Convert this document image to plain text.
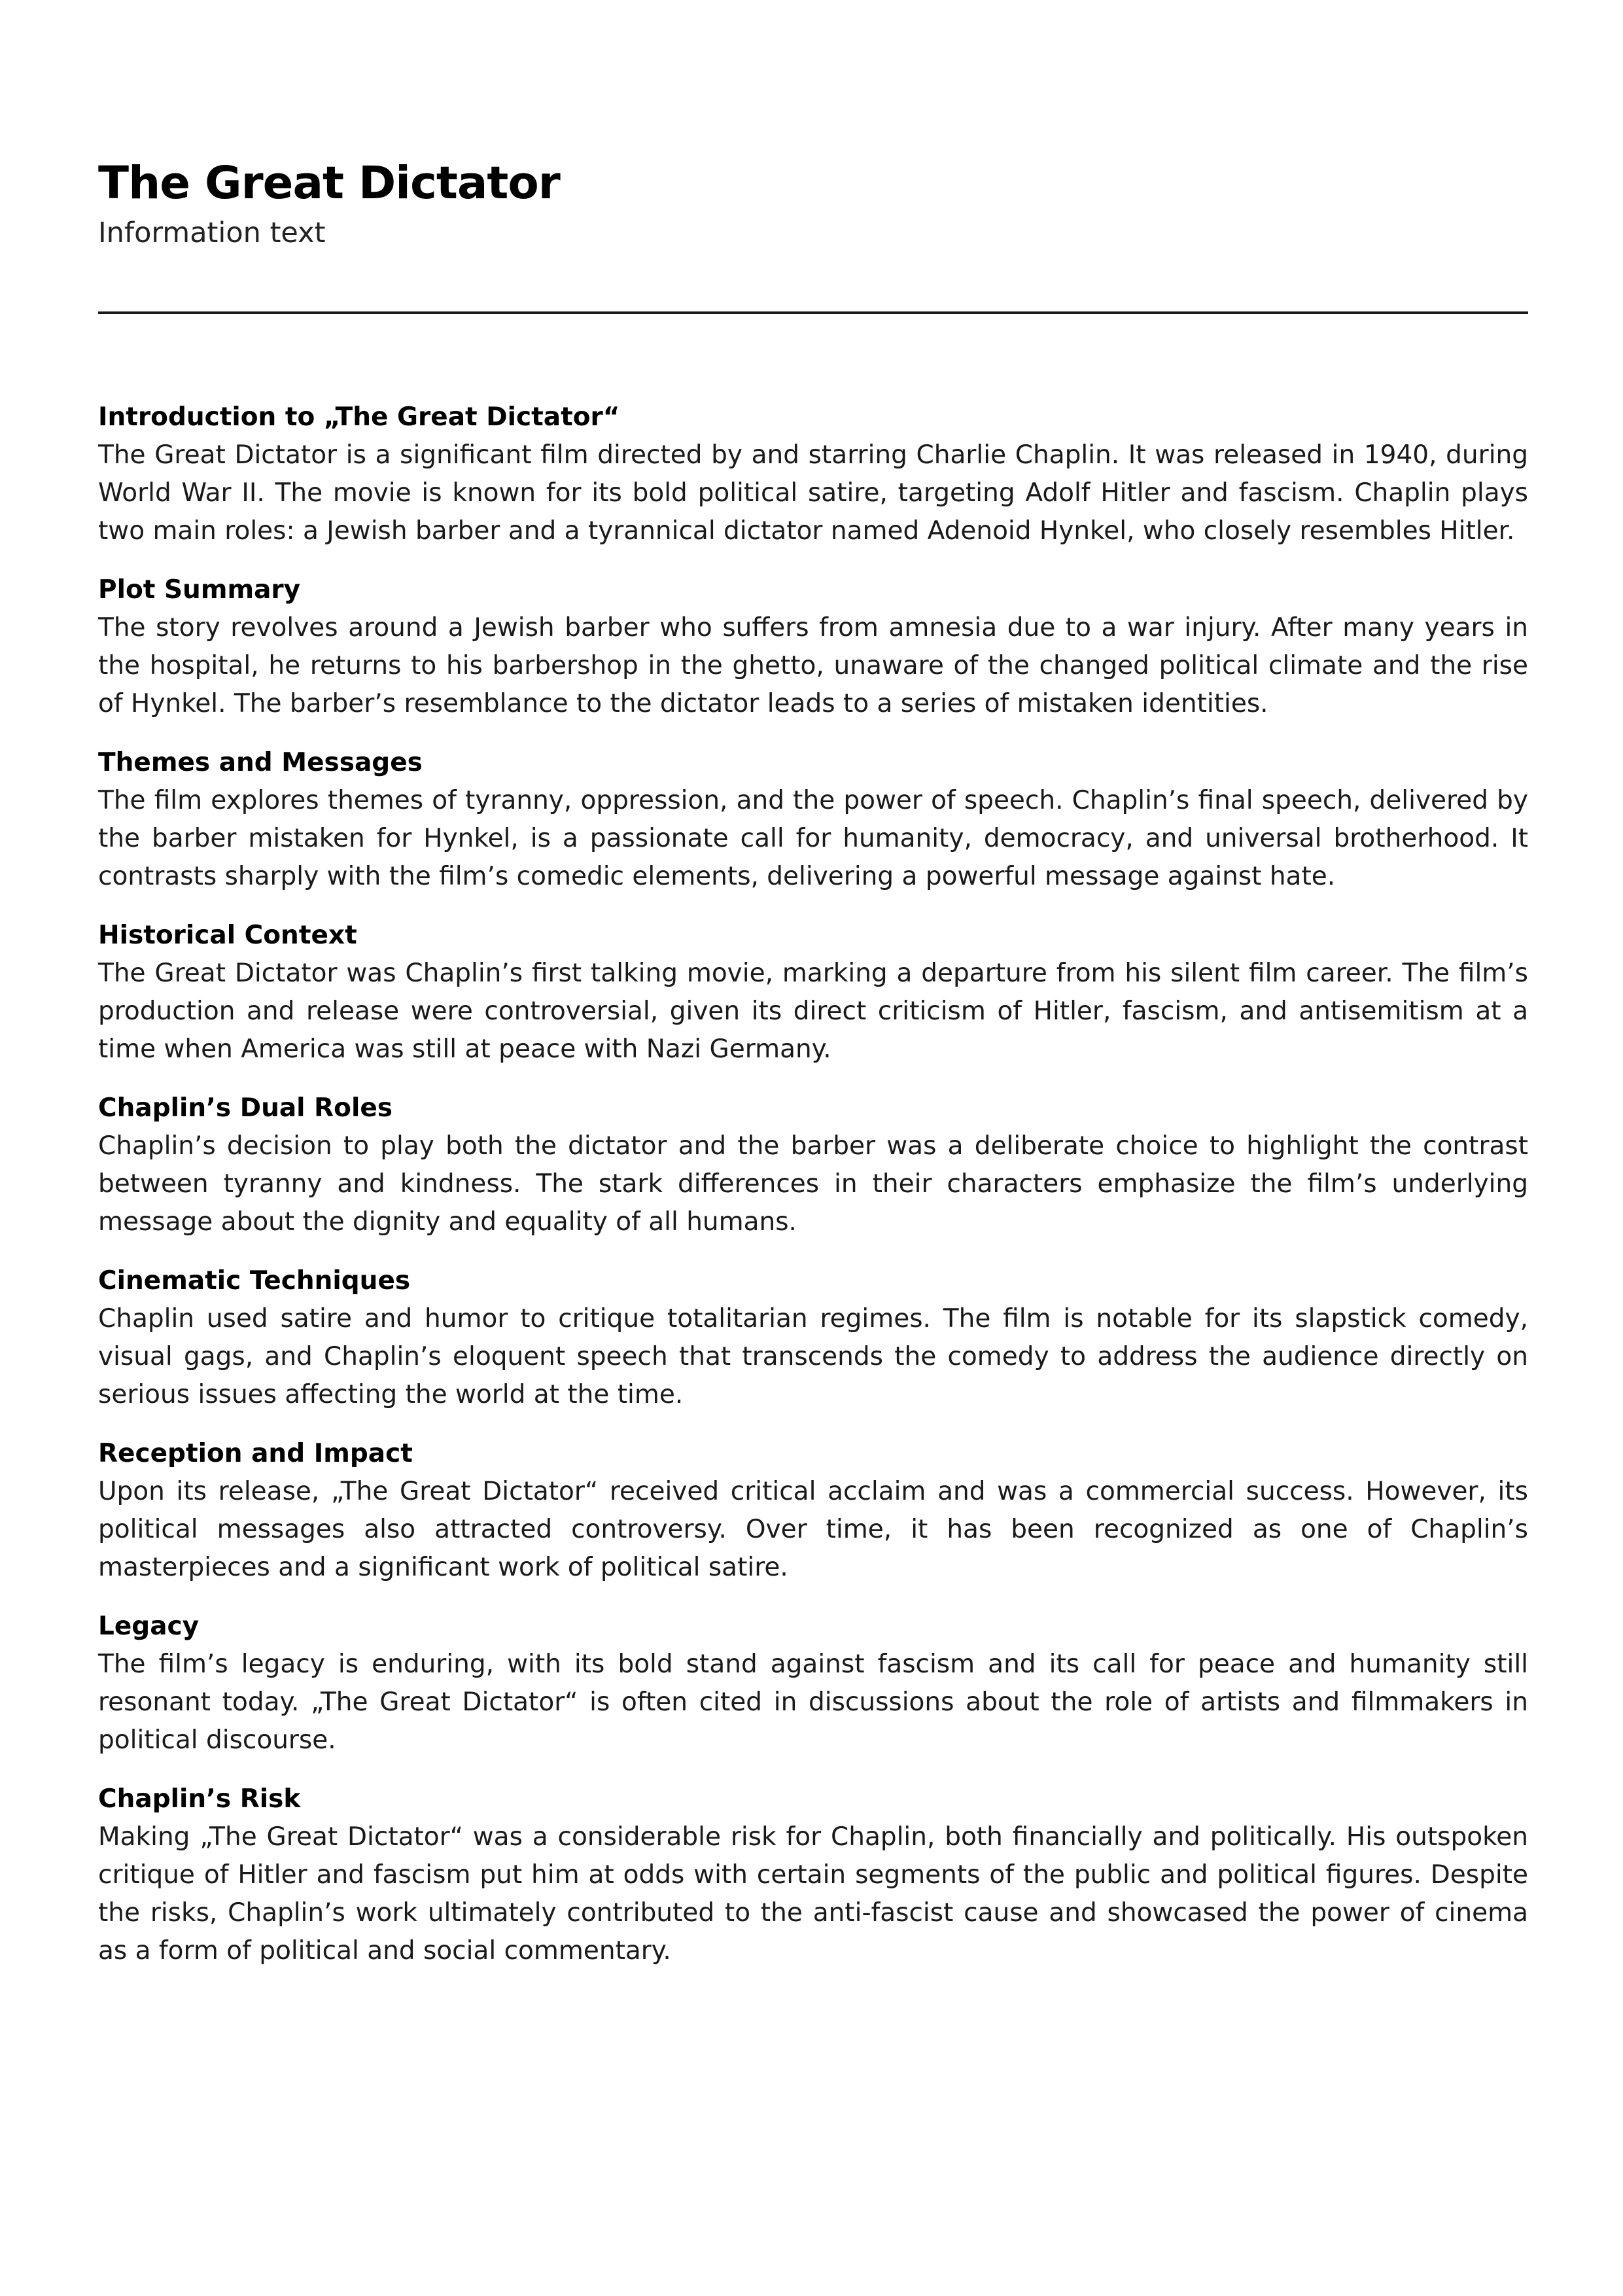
The Great Dictator
Information text
Introduction to „The Great Dictator“

The Great Dictator is a significant film directed by and starring Charlie Chaplin. It was released in 1940, during World War II. The movie is known for its bold political satire, targeting Adolf Hitler and fascism. Chaplin plays two main roles: a Jewish barber and a tyrannical dictator named Adenoid Hynkel, who closely resembles Hitler.

Plot Summary

The story revolves around a Jewish barber who suffers from amnesia due to a war injury. After many years in the hospital, he returns to his barbershop in the ghetto, unaware of the changed political climate and the rise of Hynkel. The barber’s resemblance to the dictator leads to a series of mistaken identities.

Themes and Messages

The film explores themes of tyranny, oppression, and the power of speech. Chaplin’s final speech, delivered by the barber mistaken for Hynkel, is a passionate call for humanity, democracy, and universal brotherhood. It contrasts sharply with the film’s comedic elements, delivering a powerful message against hate.

Historical Context

The Great Dictator was Chaplin’s first talking movie, marking a departure from his silent film career. The film’s production and release were controversial, given its direct criticism of Hitler, fascism, and antisemitism at a time when America was still at peace with Nazi Germany.

Chaplin’s Dual Roles

Chaplin’s decision to play both the dictator and the barber was a deliberate choice to highlight the contrast between tyranny and kindness. The stark differences in their characters emphasize the film’s underlying message about the dignity and equality of all humans.

Cinematic Techniques

Chaplin used satire and humor to critique totalitarian regimes. The film is notable for its slapstick comedy, visual gags, and Chaplin’s eloquent speech that transcends the comedy to address the audience directly on serious issues affecting the world at the time.

Reception and Impact

Upon its release, „The Great Dictator“ received critical acclaim and was a commercial success. However, its political messages also attracted controversy. Over time, it has been recognized as one of Chaplin’s masterpieces and a significant work of political satire.

Legacy

The film’s legacy is enduring, with its bold stand against fascism and its call for peace and humanity still resonant today. „The Great Dictator“ is often cited in discussions about the role of artists and filmmakers in political discourse.

Chaplin’s Risk

Making „The Great Dictator“ was a considerable risk for Chaplin, both financially and politically. His outspoken critique of Hitler and fascism put him at odds with certain segments of the public and political figures. Despite the risks, Chaplin’s work ultimately contributed to the anti-fascist cause and showcased the power of cinema as a form of political and social commentary.
